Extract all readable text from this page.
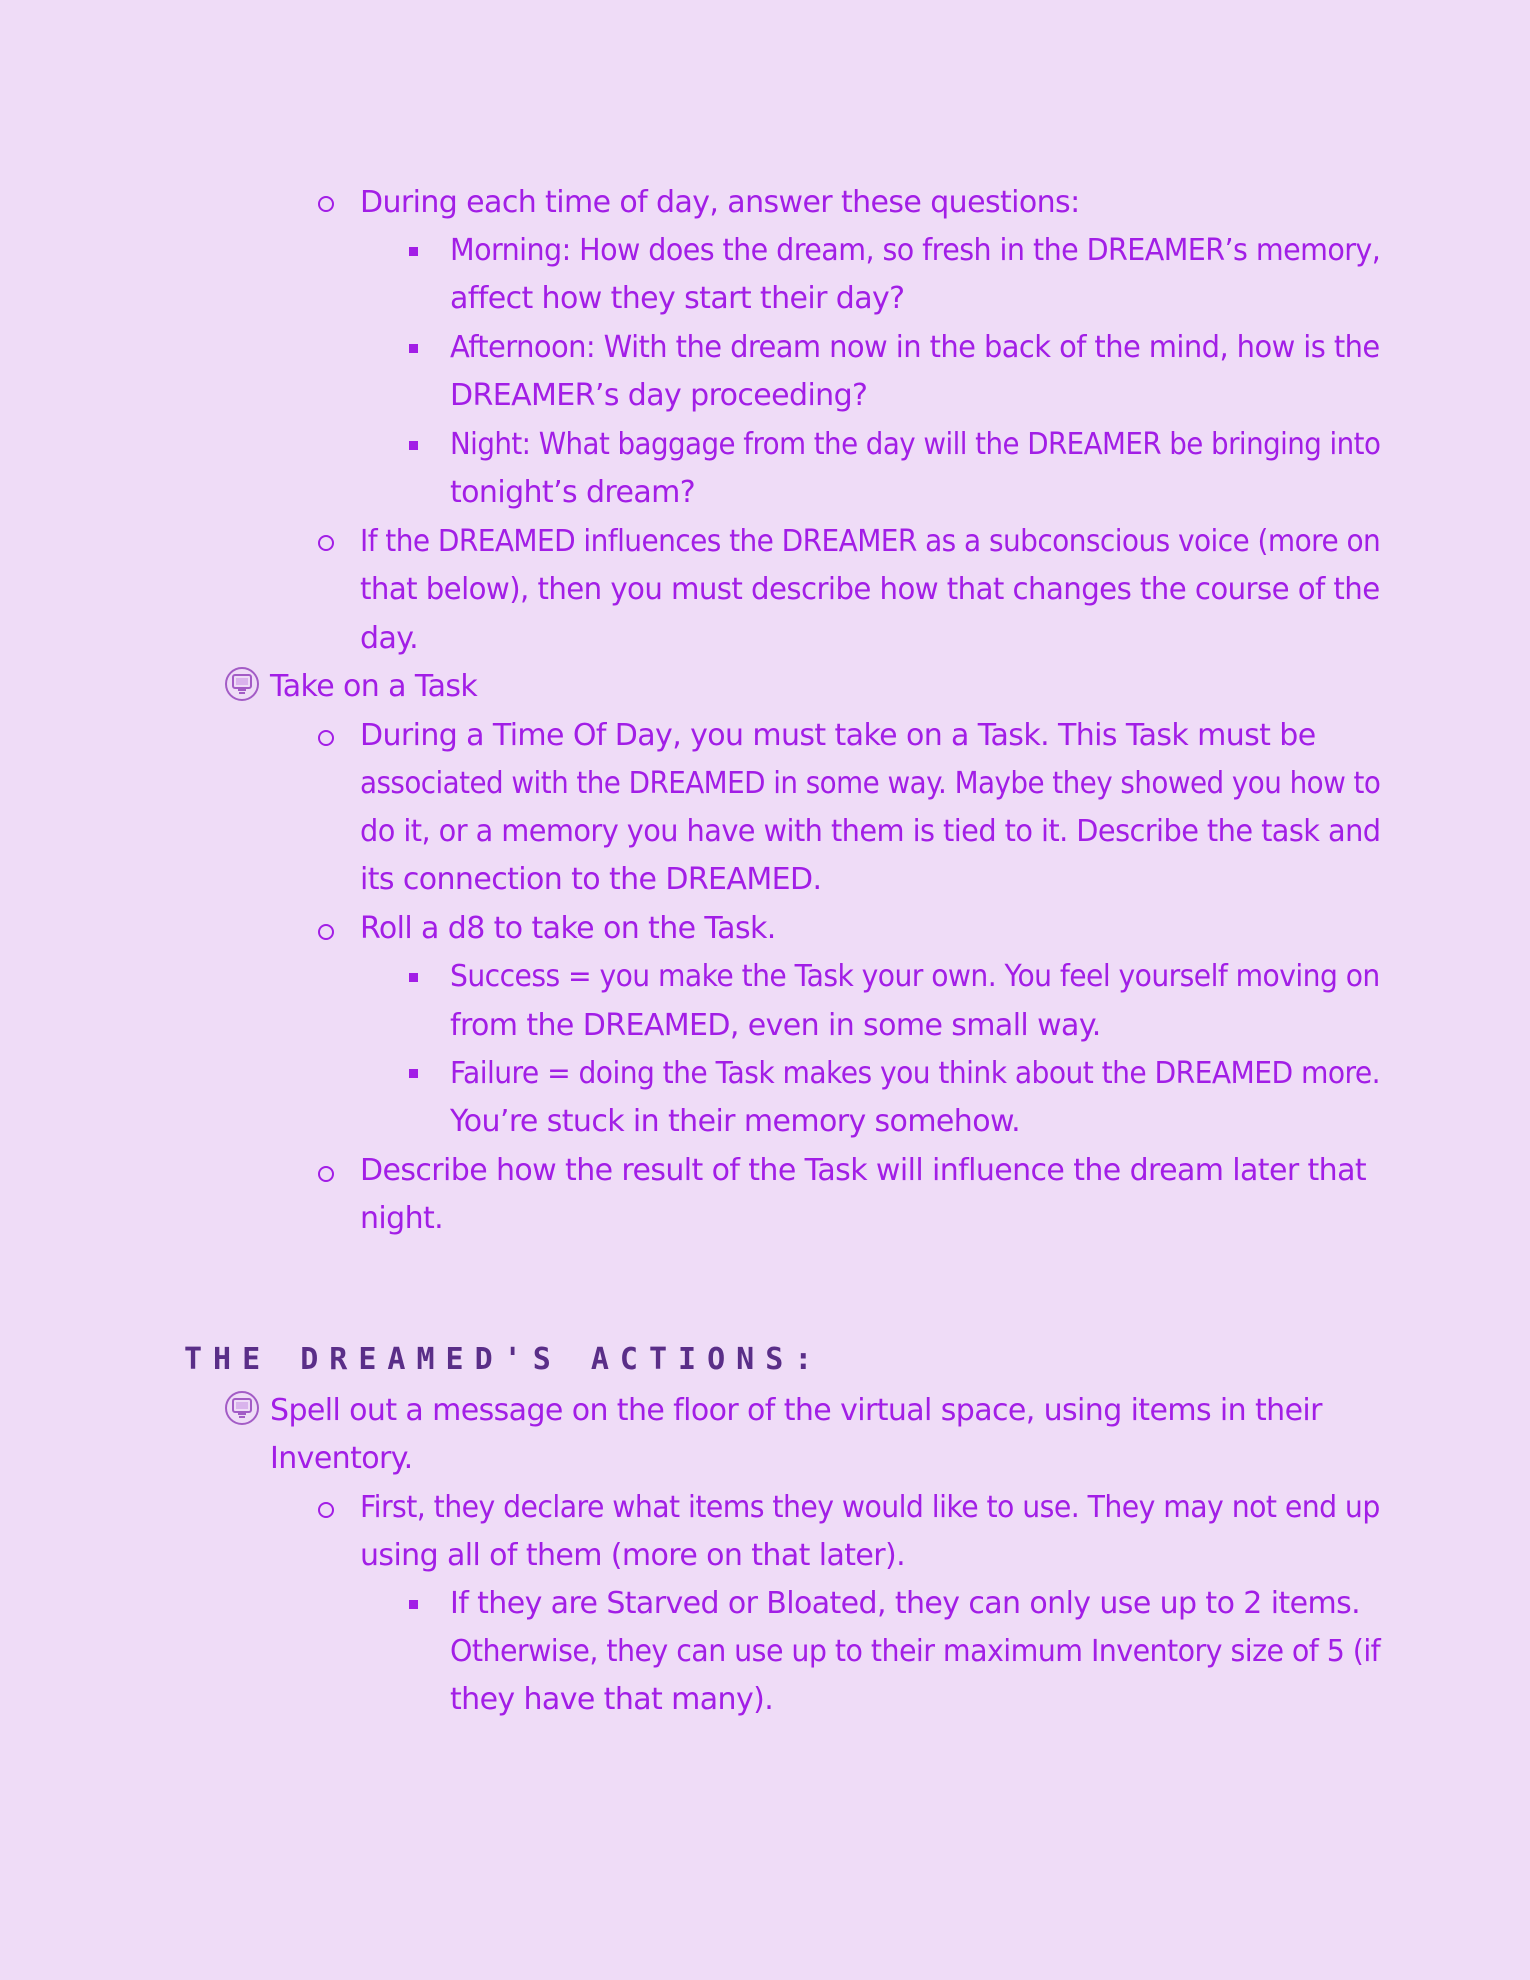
During each time of day, answer these questions:
Morning: How does the dream, so fresh in the DREAMER’s memory,
affect how they start their day?
Afternoon: With the dream now in the back of the mind, how is the
DREAMER’s day proceeding?
Night: What baggage from the day will the DREAMER be bringing into
tonight’s dream?
If the DREAMED influences the DREAMER as a subconscious voice (more on
that below), then you must describe how that changes the course of the
day.
Take on a Task
During a Time Of Day, you must take on a Task. This Task must be
associated with the DREAMED in some way. Maybe they showed you how to
do it, or a memory you have with them is tied to it. Describe the task and
its connection to the DREAMED.
Roll a d8 to take on the Task.
Success = you make the Task your own. You feel yourself moving on
from the DREAMED, even in some small way.
Failure = doing the Task makes you think about the DREAMED more.
You’re stuck in their memory somehow.
Describe how the result of the Task will influence the dream later that
night.
THE DREAMED'S ACTIONS:
Spell out a message on the floor of the virtual space, using items in their
Inventory.
First, they declare what items they would like to use. They may not end up
using all of them (more on that later).
If they are Starved or Bloated, they can only use up to 2 items.
Otherwise, they can use up to their maximum Inventory size of 5 (if
they have that many).
